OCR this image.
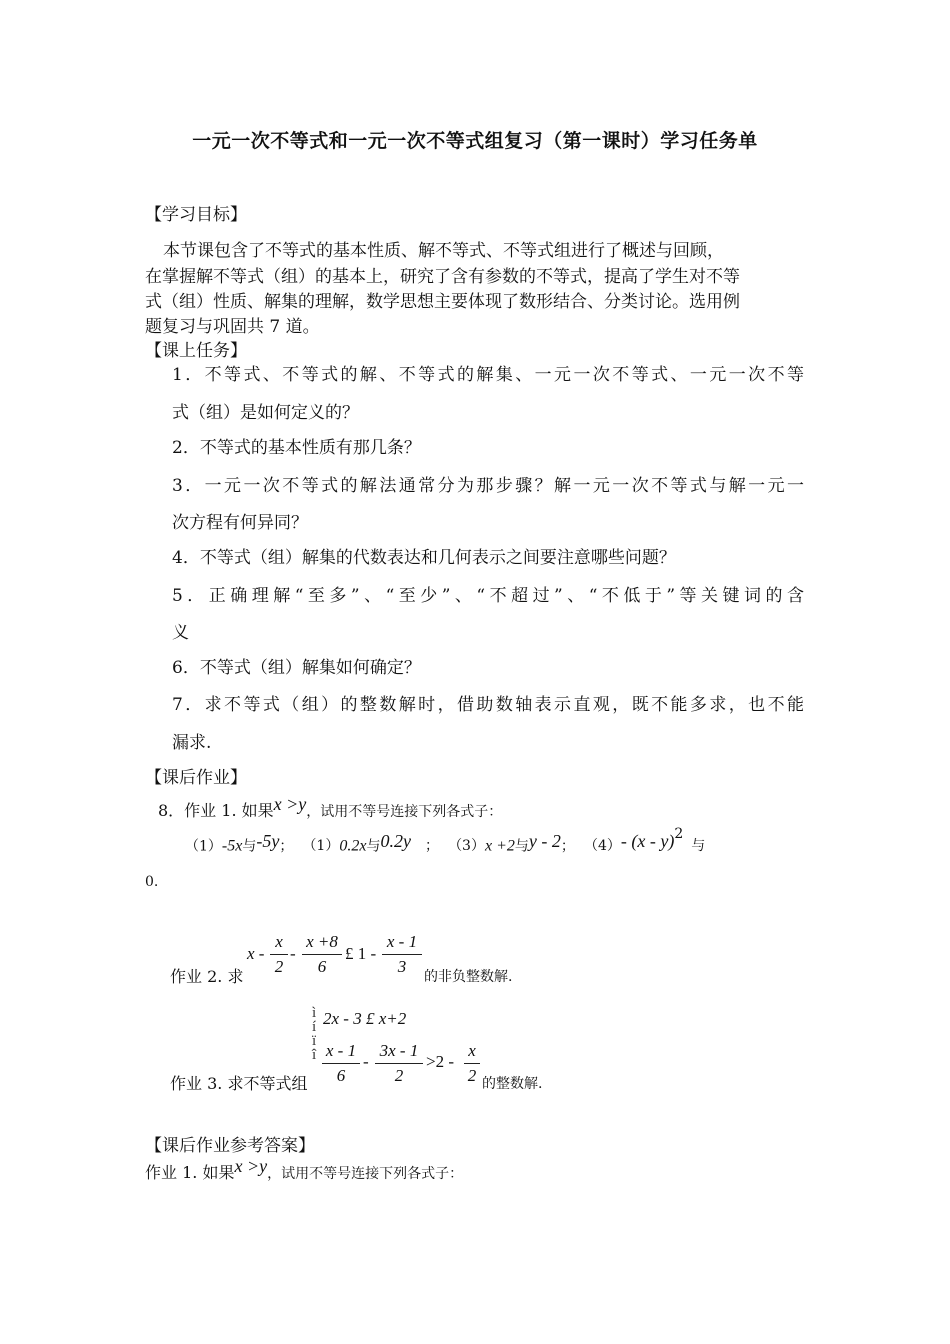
一元一次不等式和一元一次不等式组复习（第一课时）学习任务单
【学习目标】
本节课包含了不等式的基本性质、解不等式、不等式组进行了概述与回顾，
在掌握解不等式（组）的基本上，研究了含有参数的不等式，提高了学生对不等
式（组）性质、解集的理解，数学思想主要体现了数形结合、分类讨论。选用例
题复习与巩固共 7 道。
【课上任务】
1．不等式、不等式的解、不等式的解集、一元一次不等式、一元一次不等
式（组）是如何定义的？
2．不等式的基本性质有那几条？
3．一元一次不等式的解法通常分为那步骤？解一元一次不等式与解一元一
次方程有何异同？
4．不等式（组）解集的代数表达和几何表示之间要注意哪些问题？
5．正确理解“至多”、“至少”、“不超过”、“不低于”等关键词的含
义
6．不等式（组）解集如何确定？
7．求不等式（组）的整数解时，借助数轴表示直观，既不能多求，也不能
漏求.
【课后作业】
8．作业 1. 如果x >y，试用不等号连接下列各式子：
（1）-5x与-5y； （1）0.2x与0.2y ； （3）x +2与y - 2； （4）- (x - y)$^2$与
0.
作业 2. 求
x -
x
2
-
x +8
6
£ 1 -
x - 1
3
的非负整数解.
作业 3. 求不等式组
ì
í
ï
î
2x - 3 £ x+2
x - 1
6
-
3x - 1
2
>2 -
x
2 的整数解.
【课后作业参考答案】
作业 1. 如果x >y，试用不等号连接下列各式子：
